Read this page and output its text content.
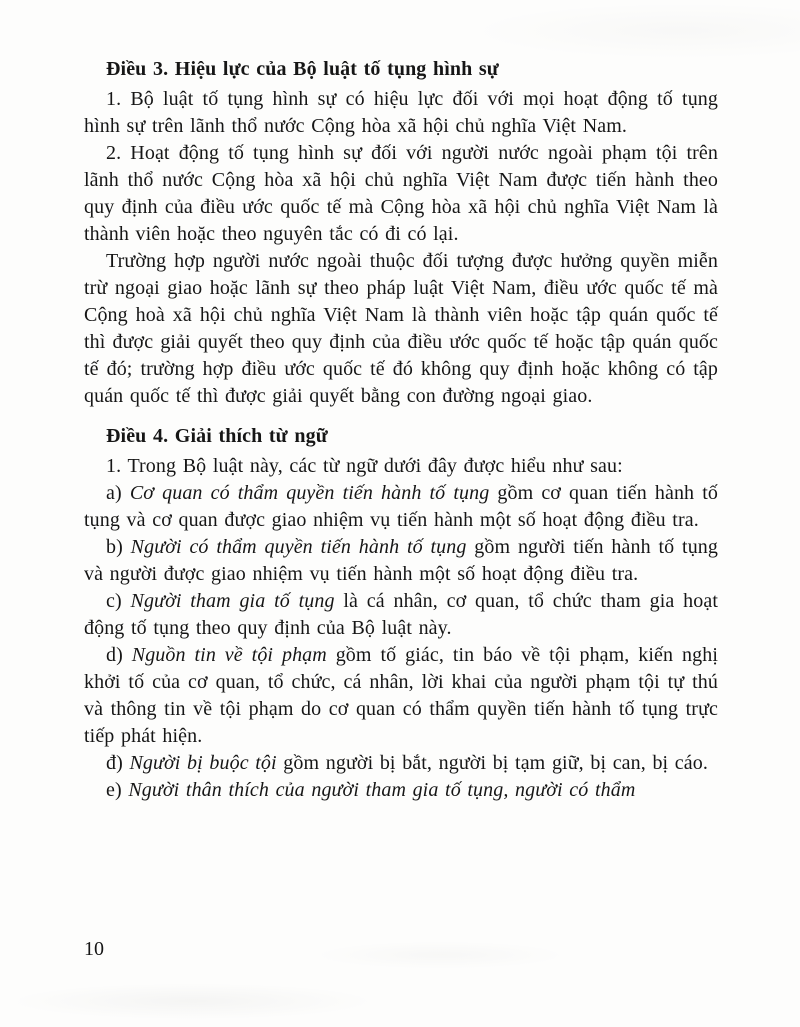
Điều 3. Hiệu lực của Bộ luật tố tụng hình sự

1. Bộ luật tố tụng hình sự có hiệu lực đối với mọi hoạt động tố tụng hình sự trên lãnh thổ nước Cộng hòa xã hội chủ nghĩa Việt Nam.

2. Hoạt động tố tụng hình sự đối với người nước ngoài phạm tội trên lãnh thổ nước Cộng hòa xã hội chủ nghĩa Việt Nam được tiến hành theo quy định của điều ước quốc tế mà Cộng hòa xã hội chủ nghĩa Việt Nam là thành viên hoặc theo nguyên tắc có đi có lại.

Trường hợp người nước ngoài thuộc đối tượng được hưởng quyền miễn trừ ngoại giao hoặc lãnh sự theo pháp luật Việt Nam, điều ước quốc tế mà Cộng hoà xã hội chủ nghĩa Việt Nam là thành viên hoặc tập quán quốc tế thì được giải quyết theo quy định của điều ước quốc tế hoặc tập quán quốc tế đó; trường hợp điều ước quốc tế đó không quy định hoặc không có tập quán quốc tế thì được giải quyết bằng con đường ngoại giao.

Điều 4. Giải thích từ ngữ

1. Trong Bộ luật này, các từ ngữ dưới đây được hiểu như sau:

a) Cơ quan có thẩm quyền tiến hành tố tụng gồm cơ quan tiến hành tố tụng và cơ quan được giao nhiệm vụ tiến hành một số hoạt động điều tra.

b) Người có thẩm quyền tiến hành tố tụng gồm người tiến hành tố tụng và người được giao nhiệm vụ tiến hành một số hoạt động điều tra.

c) Người tham gia tố tụng là cá nhân, cơ quan, tổ chức tham gia hoạt động tố tụng theo quy định của Bộ luật này.

d) Nguồn tin về tội phạm gồm tố giác, tin báo về tội phạm, kiến nghị khởi tố của cơ quan, tổ chức, cá nhân, lời khai của người phạm tội tự thú và thông tin về tội phạm do cơ quan có thẩm quyền tiến hành tố tụng trực tiếp phát hiện.

đ) Người bị buộc tội gồm người bị bắt, người bị tạm giữ, bị can, bị cáo.

e) Người thân thích của người tham gia tố tụng, người có thẩm

10
